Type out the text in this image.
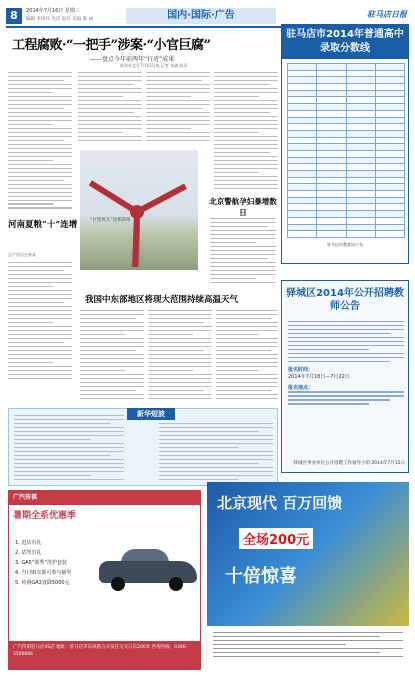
8	2014年7月16日 星期三
编辑 李国伟 电话 报社 美编 陈 丽	国内·国际·广告	驻马店日报
工程腐败·“一把手”涉案·“小官巨腐”
——盘点今年前两年“打虎”成果
新华社北京7月15日电 记者 朱磷 陈菲
河南夏粮“十”连增
总产创历史新高
“巨型风车”亮相郑州
北京警航孕妇暴增数日
我国中东部地区将现大范围持续高温天气
驻马店市2014年普通高中录取分数线

驻马店市教育局公布
驿城区2014年公开招聘教师公告
报名时间：
2014年7月18日—7月22日
报名地点：
驿城区事业单位公开招聘工作领导小组 2014年7月15日
新华短波
广汽传祺
暑期全系优惠季
1. 进店有礼
2. 试驾有礼
3. GA5“领秀”洗护套装
4. 当日购车即可参与抽奖
5. 传祺GA3直降5000元
广汽传祺驻马店4S店 地址：驻马店市东风路与开发区交叉口东200米 咨询热线：0396-3506666
北京现代 百万回馈
全场200元
十倍惊喜
